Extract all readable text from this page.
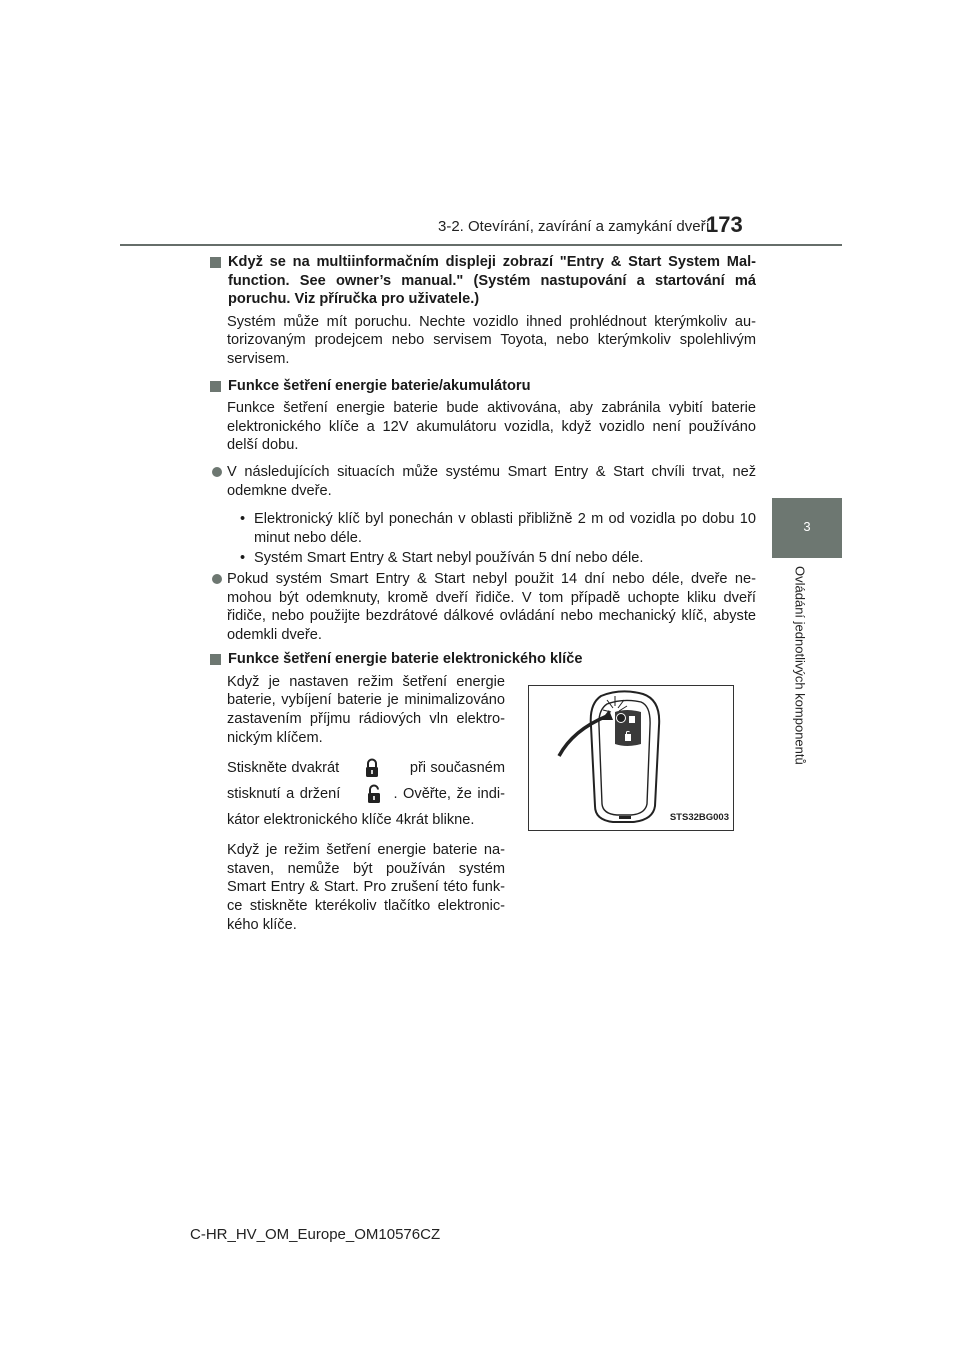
3-2. Otevírání, zavírání a zamykání dveří
173
3
Ovládání jednotlivých komponentů
Když se na multiinformačním displeji zobrazí "Entry & Start System Mal-function. See owner’s manual." (Systém nastupování a startování má poruchu. Viz příručka pro uživatele.)

Systém může mít poruchu. Nechte vozidlo ihned prohlédnout kterýmkoliv au-torizovaným prodejcem nebo servisem Toyota, nebo kterýmkoliv spolehlivým servisem.

Funkce šetření energie baterie/akumulátoru

Funkce šetření energie baterie bude aktivována, aby zabránila vybití baterie elektronického klíče a 12V akumulátoru vozidla, když vozidlo není používáno delší dobu.

V následujících situacích může systému Smart Entry & Start chvíli trvat, než odemkne dveře.
• Elektronický klíč byl ponechán v oblasti přibližně 2 m od vozidla po dobu 10 minut nebo déle.
• Systém Smart Entry & Start nebyl používán 5 dní nebo déle.
Pokud systém Smart Entry & Start nebyl použit 14 dní nebo déle, dveře ne-mohou být odemknuty, kromě dveří řidiče. V tom případě uchopte kliku dveří řidiče, nebo použijte bezdrátové dálkové ovládání nebo mechanický klíč, abyste odemkli dveře.
Funkce šetření energie baterie elektronického klíče

Když je nastaven režim šetření energie baterie, vybíjení baterie je minimalizováno zastavením příjmu rádiových vln elektro-nickým klíčem.

Stiskněte dvakrát	při současném stisknutí a držení	. Ověřte, že indi-kátor elektronického klíče 4krát blikne.

Když je režim šetření energie baterie na-staven, nemůže být používán systém Smart Entry & Start. Pro zrušení této funk-ce stiskněte kterékoliv tlačítko elektronic-kého klíče.

STS32BG003
C-HR_HV_OM_Europe_OM10576CZ
